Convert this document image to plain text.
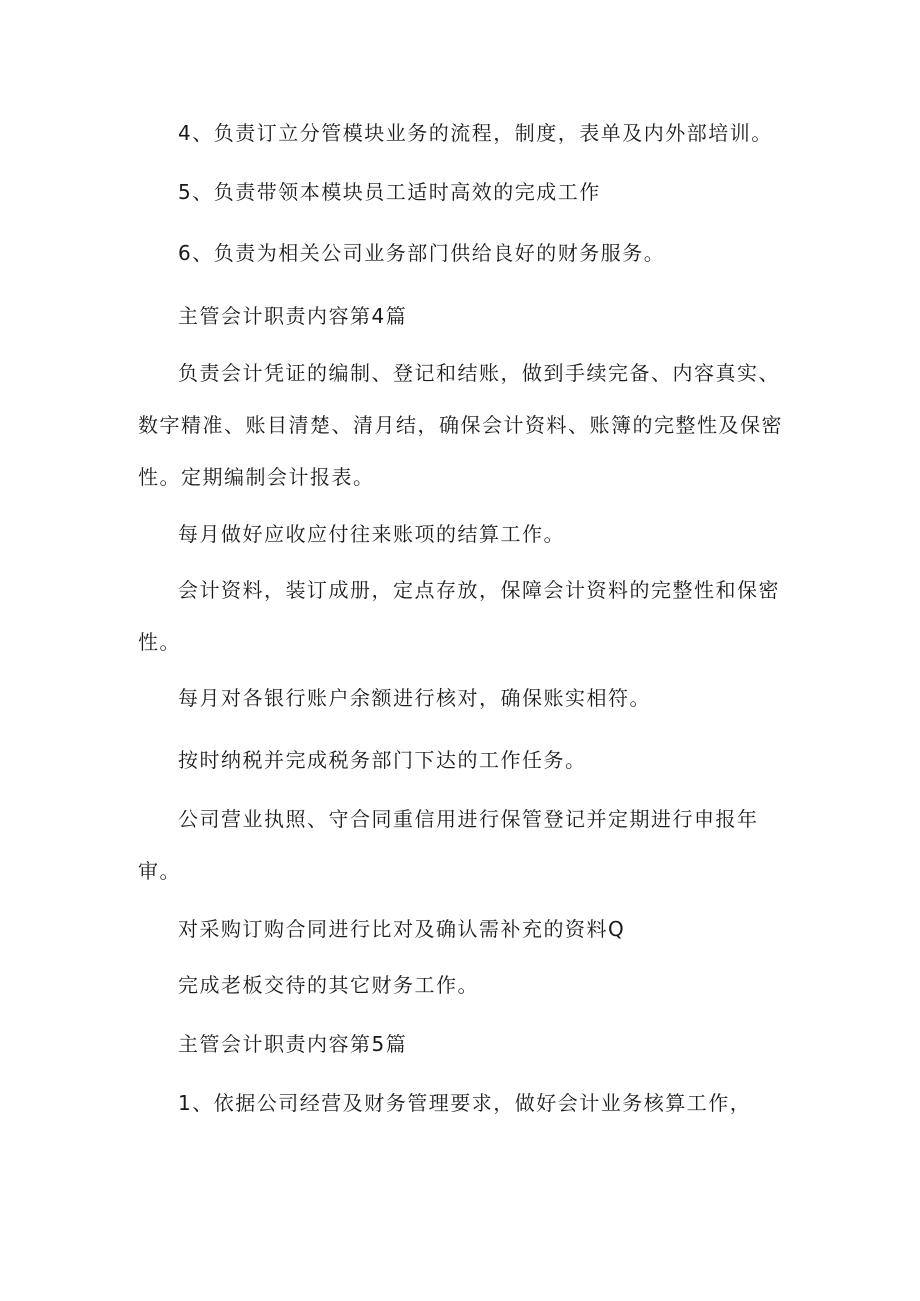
4、负责订立分管模块业务的流程，制度，表单及内外部培训。

5、负责带领本模块员工适时高效的完成工作

6、负责为相关公司业务部门供给良好的财务服务。

主管会计职责内容第4篇

负责会计凭证的编制、登记和结账，做到手续完备、内容真实、数字精准、账目清楚、清月结，确保会计资料、账簿的完整性及保密性。定期编制会计报表。

每月做好应收应付往来账项的结算工作。

会计资料，装订成册，定点存放，保障会计资料的完整性和保密性。

每月对各银行账户余额进行核对，确保账实相符。

按时纳税并完成税务部门下达的工作任务。

公司营业执照、守合同重信用进行保管登记并定期进行申报年审。

对采购订购合同进行比对及确认需补充的资料Q

完成老板交待的其它财务工作。

主管会计职责内容第5篇

1、依据公司经营及财务管理要求，做好会计业务核算工作，
